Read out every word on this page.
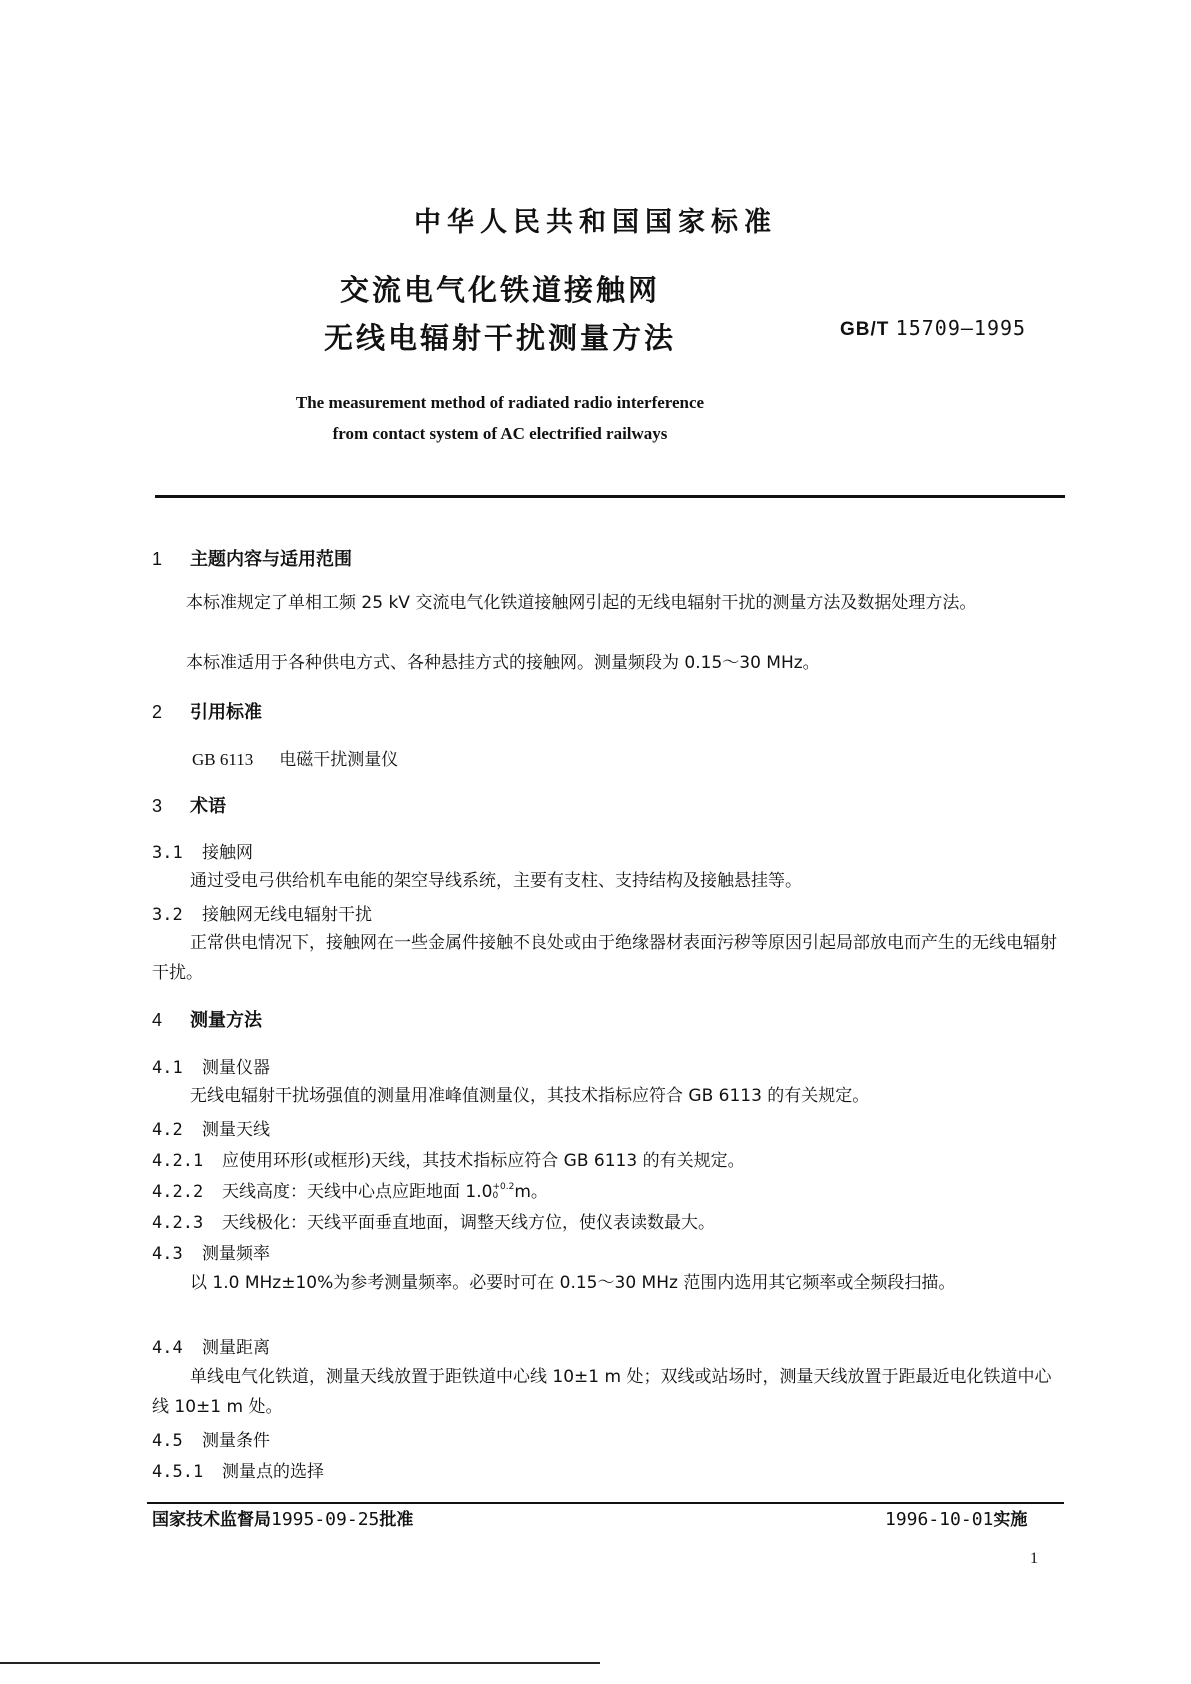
中华人民共和国国家标准
交流电气化铁道接触网
无线电辐射干扰测量方法	GB/T 15709—1995
The measurement method of radiated radio interference
from contact system of AC electrified railways
1 主题内容与适用范围
本标准规定了单相工频 25 kV 交流电气化铁道接触网引起的无线电辐射干扰的测量方法及数据处理方法。
本标准适用于各种供电方式、各种悬挂方式的接触网。测量频段为 0.15～30 MHz。
2 引用标准
GB 6113 电磁干扰测量仪
3 术语
3.1 接触网
通过受电弓供给机车电能的架空导线系统，主要有支柱、支持结构及接触悬挂等。
3.2 接触网无线电辐射干扰
正常供电情况下，接触网在一些金属件接触不良处或由于绝缘器材表面污秽等原因引起局部放电而产生的无线电辐射干扰。
4 测量方法
4.1 测量仪器
无线电辐射干扰场强值的测量用准峰值测量仪，其技术指标应符合 GB 6113 的有关规定。
4.2 测量天线
4.2.1 应使用环形(或框形)天线，其技术指标应符合 GB 6113 的有关规定。
4.2.2 天线高度：天线中心点应距地面 1.0 +0.2
0 m。
4.2.3 天线极化：天线平面垂直地面，调整天线方位，使仪表读数最大。
4.3 测量频率
以 1.0 MHz±10%为参考测量频率。必要时可在 0.15～30 MHz 范围内选用其它频率或全频段扫描。
4.4 测量距离
单线电气化铁道，测量天线放置于距铁道中心线 10±1 m 处；双线或站场时，测量天线放置于距最近电化铁道中心线 10±1 m 处。
4.5 测量条件
4.5.1 测量点的选择
国家技术监督局1995-09-25批准	1996-10-01实施
1
